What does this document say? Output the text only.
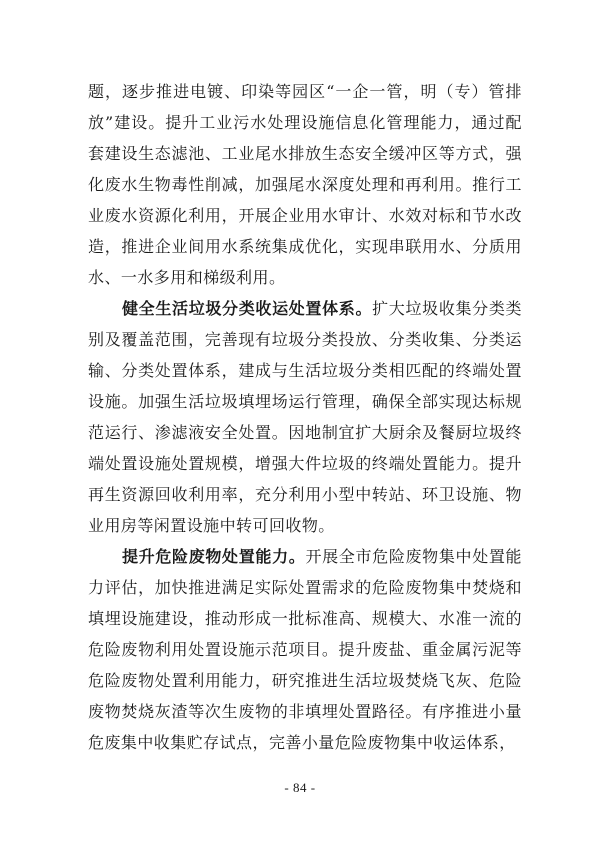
题，逐步推进电镀、印染等园区“一企一管，明（专）管排放”建设。提升工业污水处理设施信息化管理能力，通过配套建设生态滤池、工业尾水排放生态安全缓冲区等方式，强化废水生物毒性削减，加强尾水深度处理和再利用。推行工业废水资源化利用，开展企业用水审计、水效对标和节水改造，推进企业间用水系统集成优化，实现串联用水、分质用水、一水多用和梯级利用。

健全生活垃圾分类收运处置体系。扩大垃圾收集分类类别及覆盖范围，完善现有垃圾分类投放、分类收集、分类运输、分类处置体系，建成与生活垃圾分类相匹配的终端处置设施。加强生活垃圾填埋场运行管理，确保全部实现达标规范运行、渗滤液安全处置。因地制宜扩大厨余及餐厨垃圾终端处置设施处置规模，增强大件垃圾的终端处置能力。提升再生资源回收利用率，充分利用小型中转站、环卫设施、物业用房等闲置设施中转可回收物。

提升危险废物处置能力。开展全市危险废物集中处置能力评估，加快推进满足实际处置需求的危险废物集中焚烧和填埋设施建设，推动形成一批标准高、规模大、水准一流的危险废物利用处置设施示范项目。提升废盐、重金属污泥等危险废物处置利用能力，研究推进生活垃圾焚烧飞灰、危险废物焚烧灰渣等次生废物的非填埋处置路径。有序推进小量危废集中收集贮存试点，完善小量危险废物集中收运体系，

- 84 -
